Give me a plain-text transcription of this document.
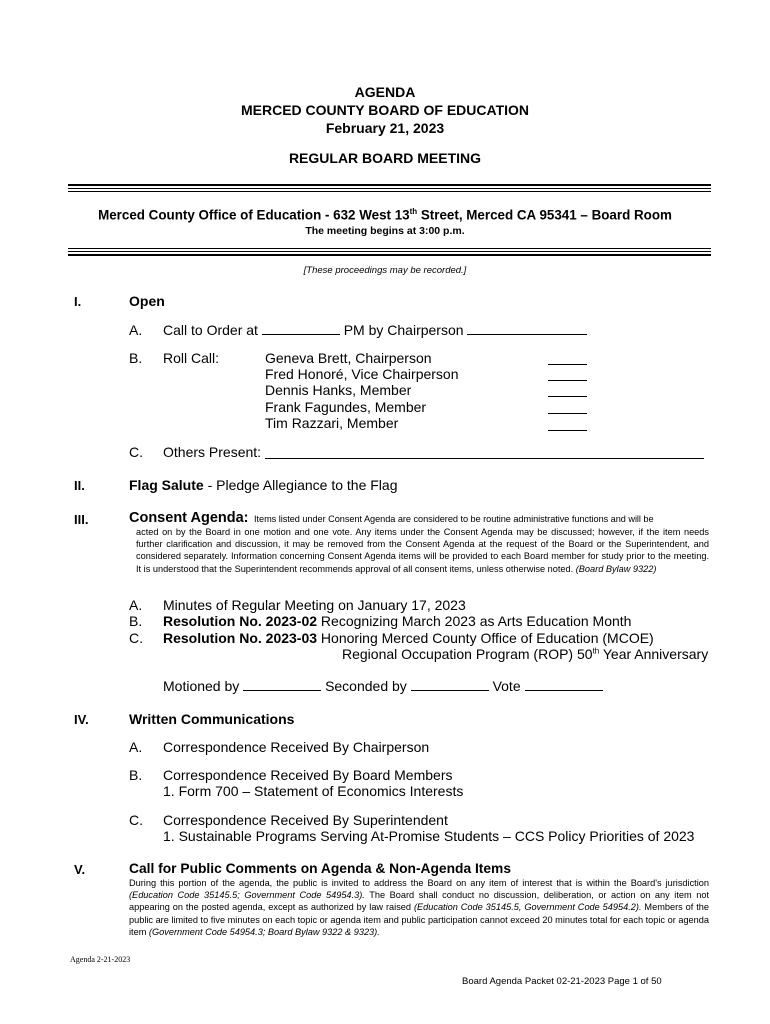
AGENDA
MERCED COUNTY BOARD OF EDUCATION
February 21, 2023
REGULAR BOARD MEETING
Merced County Office of Education - 632 West 13th Street, Merced CA 95341 – Board Room
The meeting begins at 3:00 p.m.
[These proceedings may be recorded.]
I.	Open
A. Call to Order at	PM by Chairperson
B. Roll Call:	Geneva Brett, Chairperson
Fred Honoré, Vice Chairperson
Dennis Hanks, Member
Frank Fagundes, Member
Tim Razzari, Member
C. Others Present:
II.	Flag Salute - Pledge Allegiance to the Flag
III.	Consent Agenda: Items listed under Consent Agenda are considered to be routine administrative functions and will be
acted on by the Board in one motion and one vote. Any items under the Consent Agenda may be discussed; however, if the item needs further clarification and discussion, it may be removed from the Consent Agenda at the request of the Board or the Superintendent, and considered separately. Information concerning Consent Agenda items will be provided to each Board member for study prior to the meeting. It is understood that the Superintendent recommends approval of all consent items, unless otherwise noted. (Board Bylaw 9322)
A. Minutes of Regular Meeting on January 17, 2023
B. Resolution No. 2023-02 Recognizing March 2023 as Arts Education Month
C. Resolution No. 2023-03 Honoring Merced County Office of Education (MCOE)
Regional Occupation Program (ROP) 50th Year Anniversary
Motioned by	Seconded by	Vote
IV.	Written Communications
A. Correspondence Received By Chairperson
B. Correspondence Received By Board Members
1. Form 700 – Statement of Economics Interests
C. Correspondence Received By Superintendent
1. Sustainable Programs Serving At-Promise Students – CCS Policy Priorities of 2023
V.	Call for Public Comments on Agenda & Non-Agenda Items
During this portion of the agenda, the public is invited to address the Board on any item of interest that is within the Board's jurisdiction (Education Code 35145.5; Government Code 54954.3). The Board shall conduct no discussion, deliberation, or action on any item not appearing on the posted agenda, except as authorized by law raised (Education Code 35145.5, Government Code 54954.2). Members of the public are limited to five minutes on each topic or agenda item and public participation cannot exceed 20 minutes total for each topic or agenda item (Government Code 54954.3; Board Bylaw 9322 & 9323).
Agenda 2-21-2023
Board Agenda Packet 02-21-2023 Page 1 of 50
